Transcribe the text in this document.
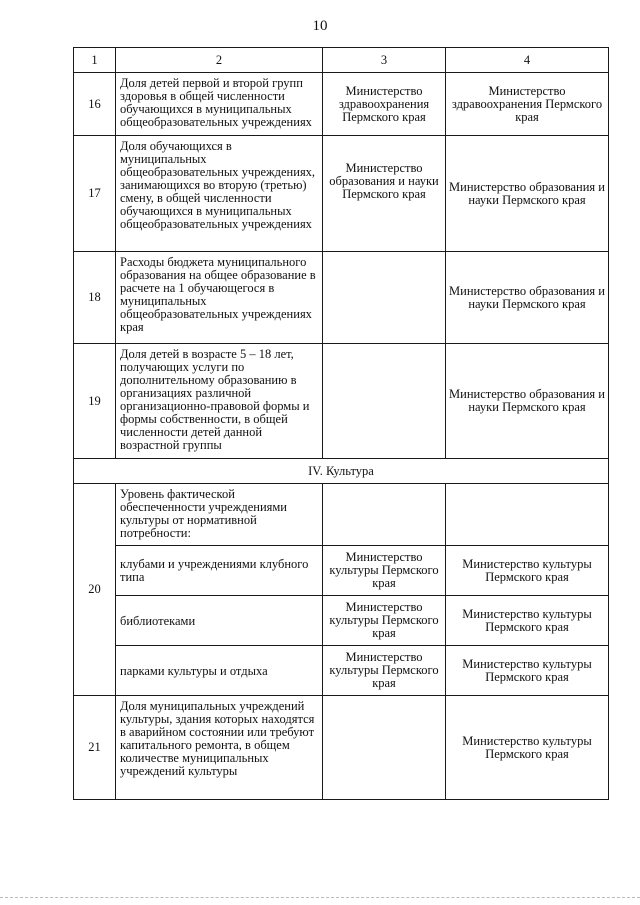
10
1	2	3	4
16	Доля детей первой и второй групп здоровья в общей численности обучающихся в муниципальных общеобразовательных учреждениях	Министерство здравоохранения Пермского края	Министерство здравоохранения Пермского края
17	Доля обучающихся в муниципальных общеобразовательных учреждениях, занимающихся во вторую (третью) смену, в общей численности обучающихся в муниципальных общеобразовательных учреждениях	Министерство образования и науки Пермского края	Министерство образования и науки Пермского края
18	Расходы бюджета муниципального образования на общее образование в расчете на 1 обучающегося в муниципальных общеобразовательных учреждениях края		Министерство образования и науки Пермского края
19	Доля детей в возрасте 5 – 18 лет, получающих услуги по дополнительному образованию в организациях различной организационно-правовой формы и формы собственности, в общей численности детей данной возрастной группы		Министерство образования и науки Пермского края
IV. Культура			
20	Уровень фактической обеспеченности учреждениями культуры от нормативной потребности:		
	клубами и учреждениями клубного типа	Министерство культуры Пермского края	Министерство культуры Пермского края
	библиотеками	Министерство культуры Пермского края	Министерство культуры Пермского края
	парками культуры и отдыха	Министерство культуры Пермского края	Министерство культуры Пермского края
21	Доля муниципальных учреждений культуры, здания которых находятся в аварийном состоянии или требуют капитального ремонта, в общем количестве муниципальных учреждений культуры		Министерство культуры Пермского края
